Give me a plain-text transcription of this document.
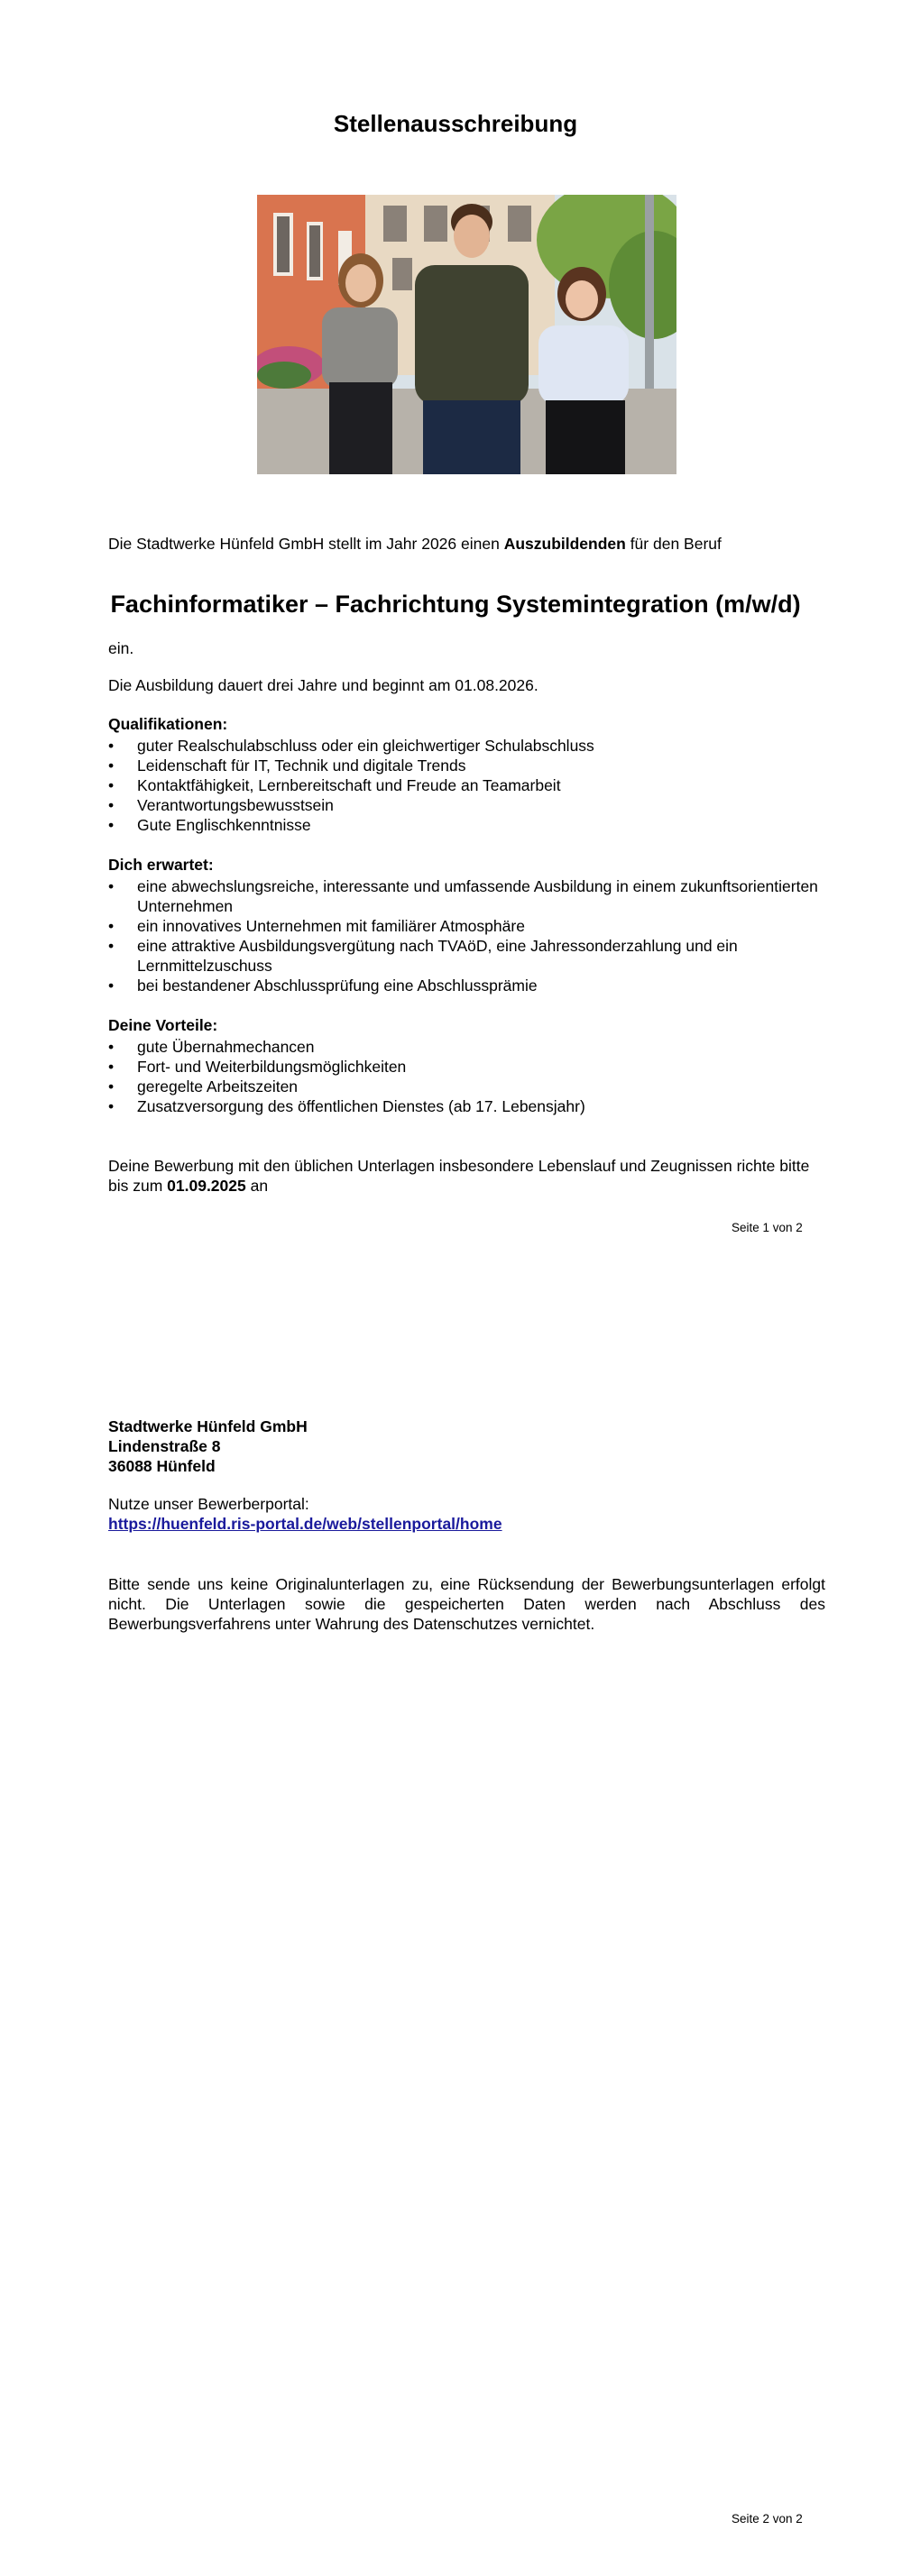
Stellenausschreibung
Die Stadtwerke Hünfeld GmbH stellt im Jahr 2026 einen Auszubildenden für den Beruf
Fachinformatiker – Fachrichtung Systemintegration (m/w/d)
ein.
Die Ausbildung dauert drei Jahre und beginnt am 01.08.2026.
Qualifikationen:
• guter Realschulabschluss oder ein gleichwertiger Schulabschluss
• Leidenschaft für IT, Technik und digitale Trends
• Kontaktfähigkeit, Lernbereitschaft und Freude an Teamarbeit
• Verantwortungsbewusstsein
• Gute Englischkenntnisse
Dich erwartet:
• eine abwechslungsreiche, interessante und umfassende Ausbildung in einem zukunftsorientierten Unternehmen
• ein innovatives Unternehmen mit familiärer Atmosphäre
• eine attraktive Ausbildungsvergütung nach TVAöD, eine Jahressonderzahlung und ein Lernmittelzuschuss
• bei bestandener Abschlussprüfung eine Abschlussprämie
Deine Vorteile:
• gute Übernahmechancen
• Fort- und Weiterbildungsmöglichkeiten
• geregelte Arbeitszeiten
• Zusatzversorgung des öffentlichen Dienstes (ab 17. Lebensjahr)
Deine Bewerbung mit den üblichen Unterlagen insbesondere Lebenslauf und Zeugnissen richte bitte bis zum 01.09.2025 an
Seite 1 von 2
Stadtwerke Hünfeld GmbH
Lindenstraße 8
36088 Hünfeld
Nutze unser Bewerberportal:
https://huenfeld.ris-portal.de/web/stellenportal/home
Bitte sende uns keine Originalunterlagen zu, eine Rücksendung der Bewerbungsunterlagen erfolgt nicht. Die Unterlagen sowie die gespeicherten Daten werden nach Abschluss des Bewerbungsverfahrens unter Wahrung des Datenschutzes vernichtet.
Seite 2 von 2
